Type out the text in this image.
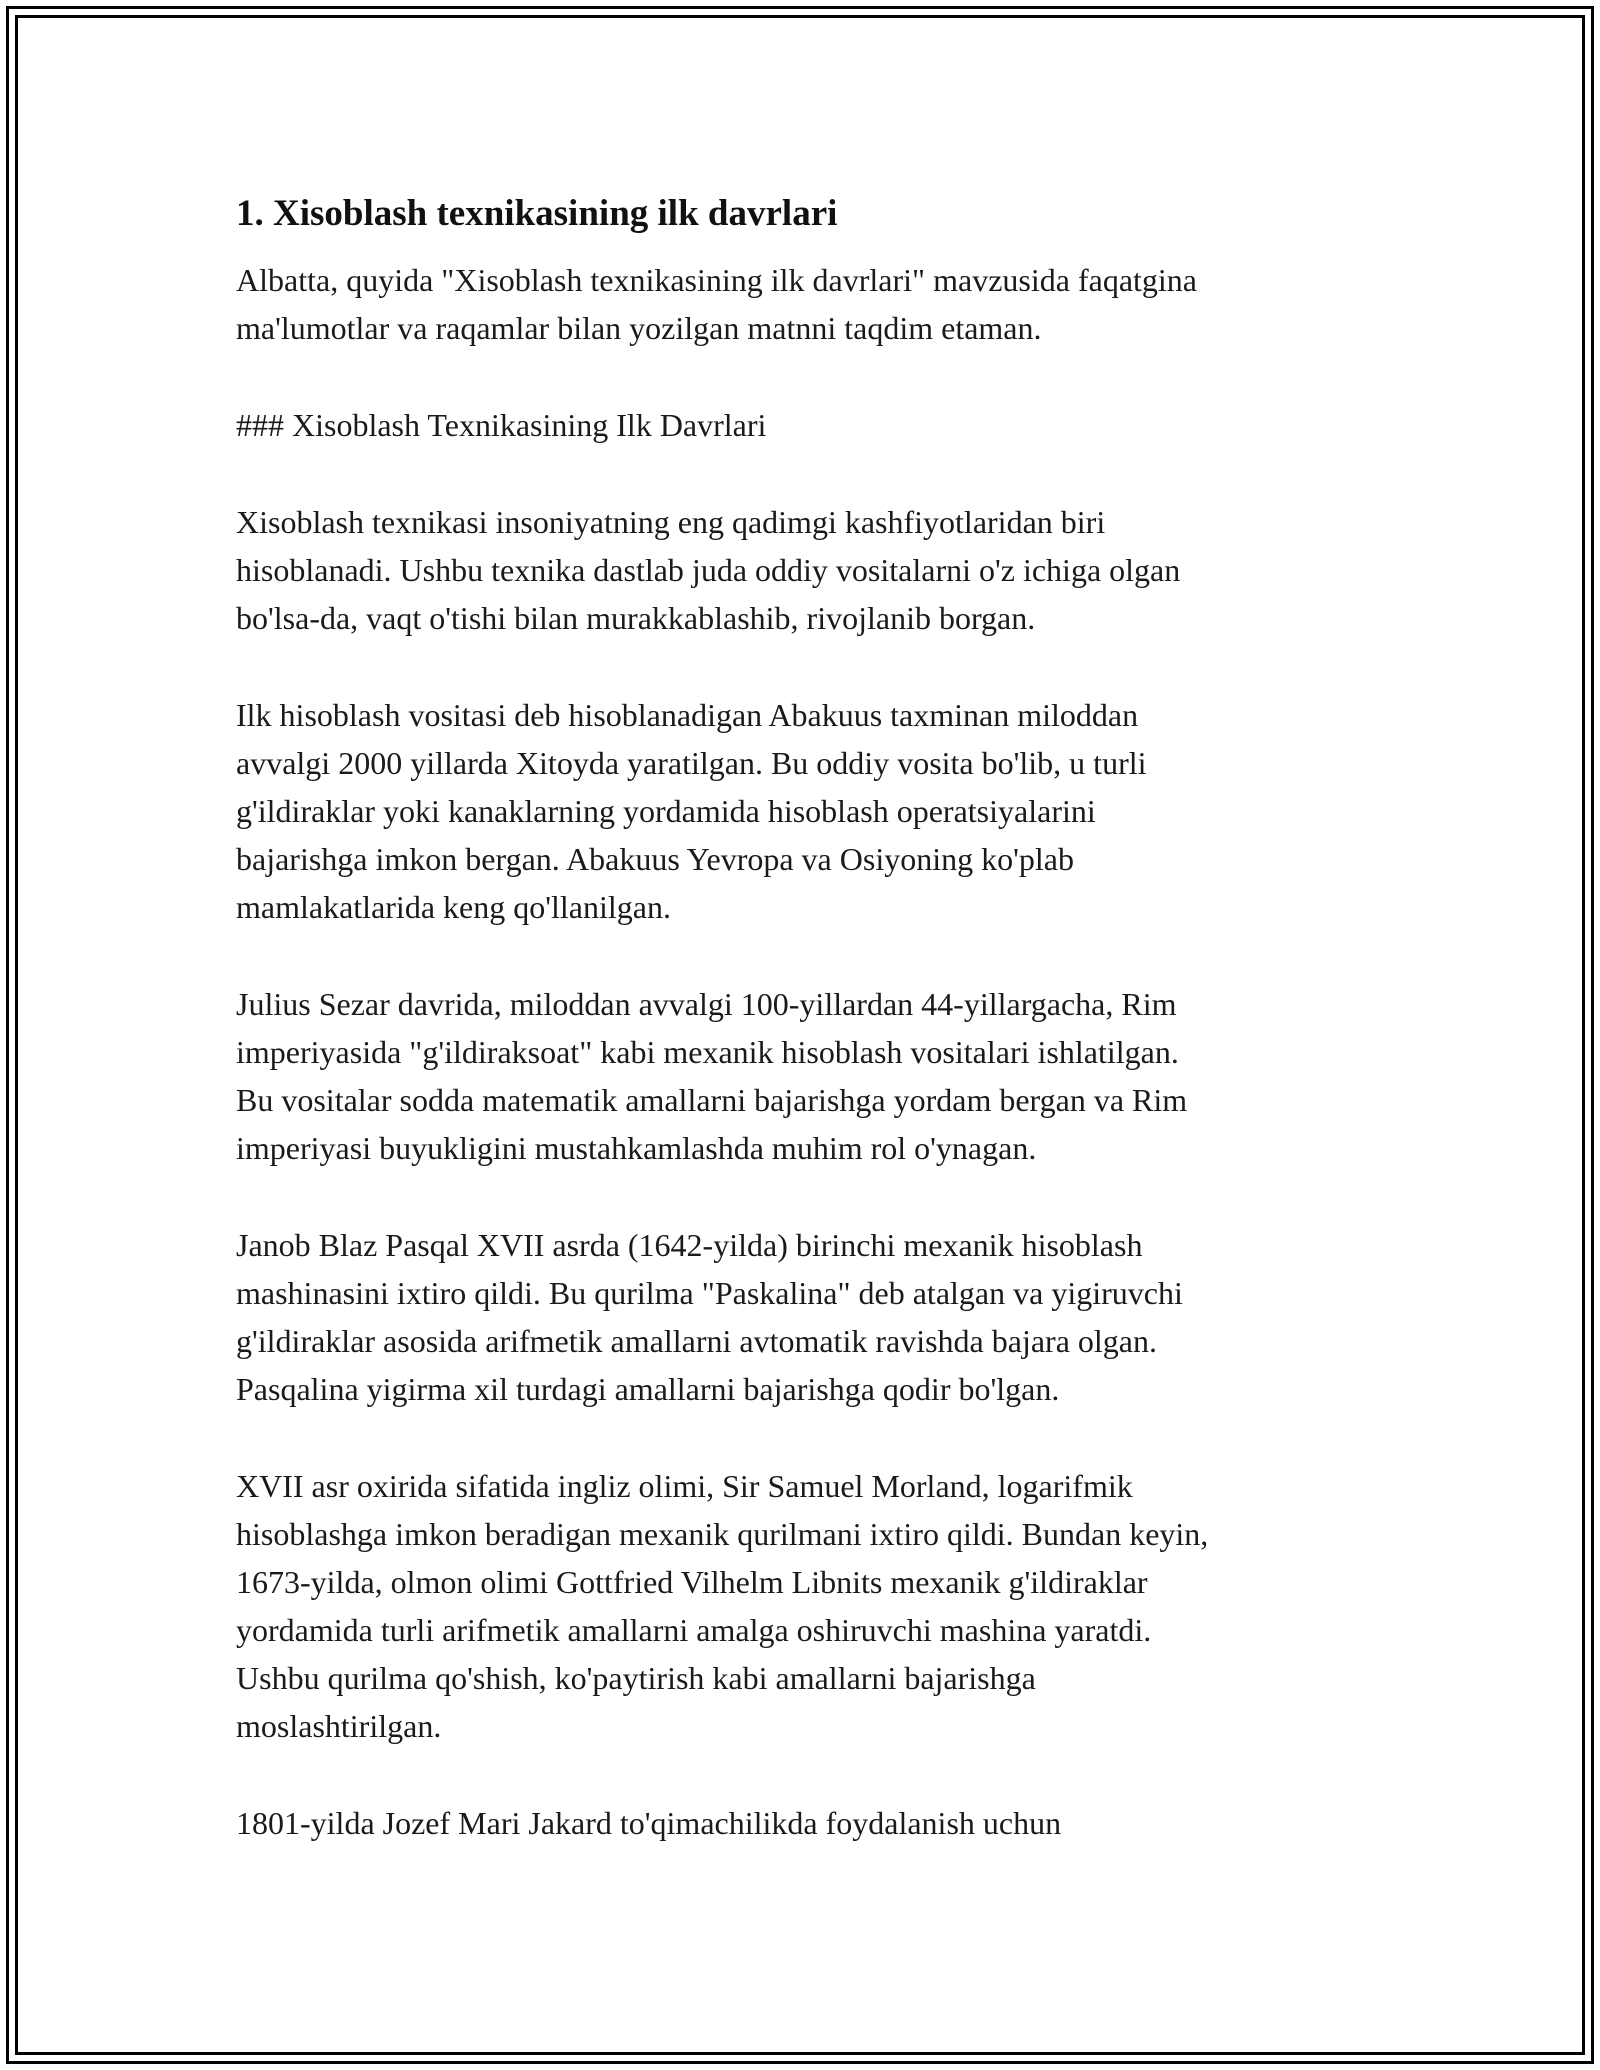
1. Xisoblash texnikasining ilk davrlari

Albatta, quyida "Xisoblash texnikasining ilk davrlari" mavzusida faqatgina
ma'lumotlar va raqamlar bilan yozilgan matnni taqdim etaman.

### Xisoblash Texnikasining Ilk Davrlari

Xisoblash texnikasi insoniyatning eng qadimgi kashfiyotlaridan biri
hisoblanadi. Ushbu texnika dastlab juda oddiy vositalarni o'z ichiga olgan
bo'lsa-da, vaqt o'tishi bilan murakkablashib, rivojlanib borgan.

Ilk hisoblash vositasi deb hisoblanadigan Abakuus taxminan miloddan
avvalgi 2000 yillarda Xitoyda yaratilgan. Bu oddiy vosita bo'lib, u turli
g'ildiraklar yoki kanaklarning yordamida hisoblash operatsiyalarini
bajarishga imkon bergan. Abakuus Yevropa va Osiyoning ko'plab
mamlakatlarida keng qo'llanilgan.

Julius Sezar davrida, miloddan avvalgi 100-yillardan 44-yillargacha, Rim
imperiyasida "g'ildiraksoat" kabi mexanik hisoblash vositalari ishlatilgan.
Bu vositalar sodda matematik amallarni bajarishga yordam bergan va Rim
imperiyasi buyukligini mustahkamlashda muhim rol o'ynagan.

Janob Blaz Pasqal XVII asrda (1642-yilda) birinchi mexanik hisoblash
mashinasini ixtiro qildi. Bu qurilma "Paskalina" deb atalgan va yigiruvchi
g'ildiraklar asosida arifmetik amallarni avtomatik ravishda bajara olgan.
Pasqalina yigirma xil turdagi amallarni bajarishga qodir bo'lgan.

XVII asr oxirida sifatida ingliz olimi, Sir Samuel Morland, logarifmik
hisoblashga imkon beradigan mexanik qurilmani ixtiro qildi. Bundan keyin,
1673-yilda, olmon olimi Gottfried Vilhelm Libnits mexanik g'ildiraklar
yordamida turli arifmetik amallarni amalga oshiruvchi mashina yaratdi.
Ushbu qurilma qo'shish, ko'paytirish kabi amallarni bajarishga
moslashtirilgan.

1801-yilda Jozef Mari Jakard to'qimachilikda foydalanish uchun
